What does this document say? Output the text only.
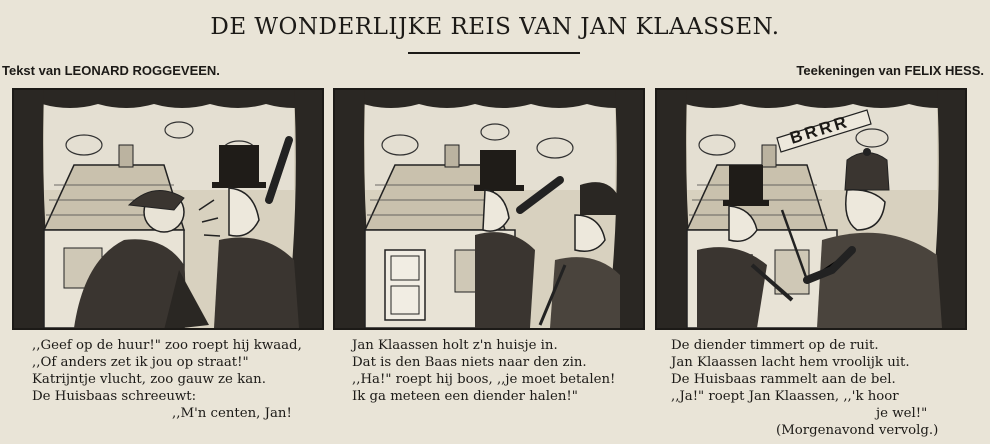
DE WONDERLIJKE REIS VAN JAN KLAASSEN.
Tekst van LEONARD ROGGEVEEN.	Teekeningen van FELIX HESS.
BRRR
,,Geef op de huur!" zoo roept hij kwaad,
,,Of anders zet ik jou op straat!"
Katrijntje vlucht, zoo gauw ze kan.
De Huisbaas schreeuwt:
,,M'n centen, Jan!
Jan Klaassen holt z'n huisje in.
Dat is den Baas niets naar den zin.
,,Ha!" roept hij boos, ,,je moet betalen!
Ik ga meteen een diender halen!"
De diender timmert op de ruit.
Jan Klaassen lacht hem vroolijk uit.
De Huisbaas rammelt aan de bel.
,,Ja!" roept Jan Klaassen, ,,'k hoor
je wel!"
(Morgenavond vervolg.)
